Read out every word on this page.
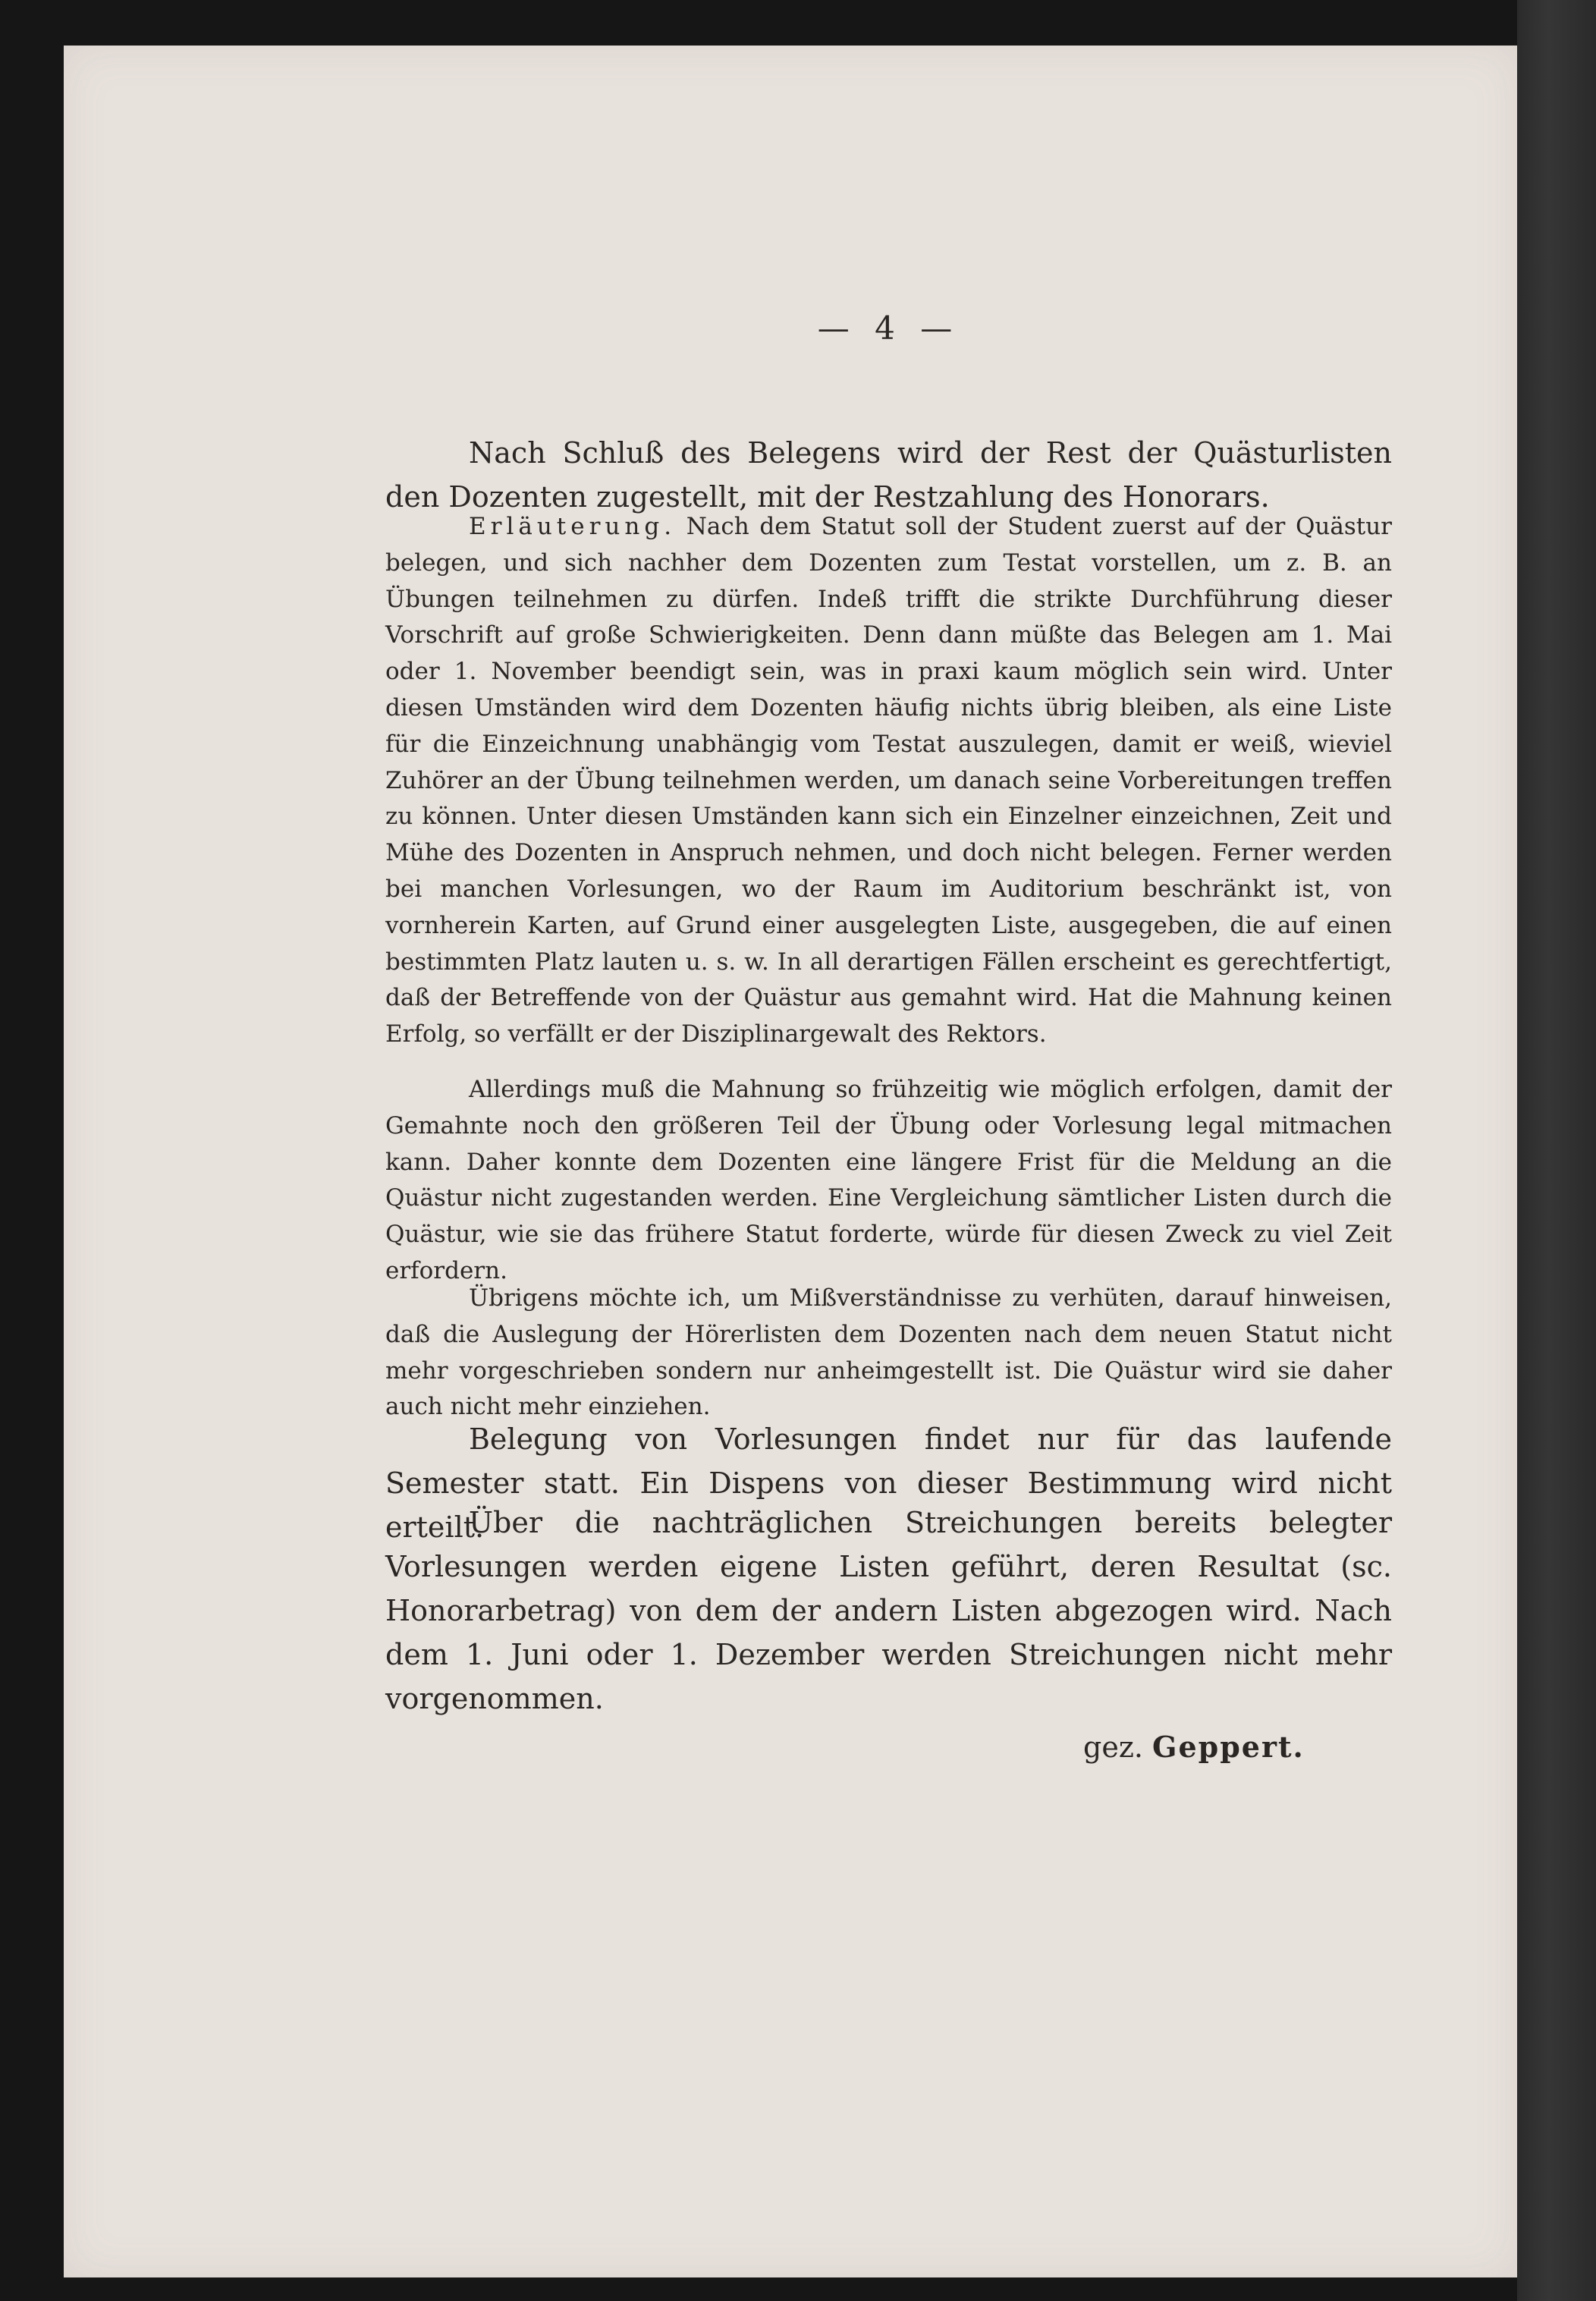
— 4 —

Nach Schluß des Belegens wird der Rest der Quästurlisten den Dozenten zugestellt, mit der Restzahlung des Honorars.

Erläuterung. Nach dem Statut soll der Student zuerst auf der Quästur belegen, und sich nachher dem Dozenten zum Testat vorstellen, um z. B. an Übungen teilnehmen zu dürfen. Indeß trifft die strikte Durchführung dieser Vorschrift auf große Schwierigkeiten. Denn dann müßte das Belegen am 1. Mai oder 1. November beendigt sein, was in praxi kaum möglich sein wird. Unter diesen Umständen wird dem Dozenten häufig nichts übrig bleiben, als eine Liste für die Einzeichnung unabhängig vom Testat auszulegen, damit er weiß, wieviel Zuhörer an der Übung teilnehmen werden, um danach seine Vorbereitungen treffen zu können. Unter diesen Umständen kann sich ein Einzelner einzeichnen, Zeit und Mühe des Dozenten in Anspruch nehmen, und doch nicht belegen. Ferner werden bei manchen Vorlesungen, wo der Raum im Auditorium beschränkt ist, von vornherein Karten, auf Grund einer ausgelegten Liste, ausgegeben, die auf einen bestimmten Platz lauten u. s. w. In all derartigen Fällen erscheint es gerechtfertigt, daß der Betreffende von der Quästur aus gemahnt wird. Hat die Mahnung keinen Erfolg, so verfällt er der Disziplinargewalt des Rektors.

Allerdings muß die Mahnung so frühzeitig wie möglich erfolgen, damit der Gemahnte noch den größeren Teil der Übung oder Vorlesung legal mitmachen kann. Daher konnte dem Dozenten eine längere Frist für die Meldung an die Quästur nicht zugestanden werden. Eine Vergleichung sämtlicher Listen durch die Quästur, wie sie das frühere Statut forderte, würde für diesen Zweck zu viel Zeit erfordern.

Übrigens möchte ich, um Mißverständnisse zu verhüten, darauf hinweisen, daß die Auslegung der Hörerlisten dem Dozenten nach dem neuen Statut nicht mehr vorgeschrieben sondern nur anheimgestellt ist. Die Quästur wird sie daher auch nicht mehr einziehen.

Belegung von Vorlesungen findet nur für das laufende Semester statt. Ein Dispens von dieser Bestimmung wird nicht erteilt.

Über die nachträglichen Streichungen bereits belegter Vorlesungen werden eigene Listen geführt, deren Resultat (sc. Honorarbetrag) von dem der andern Listen abgezogen wird. Nach dem 1. Juni oder 1. Dezember werden Streichungen nicht mehr vorgenommen.

gez. Geppert.
